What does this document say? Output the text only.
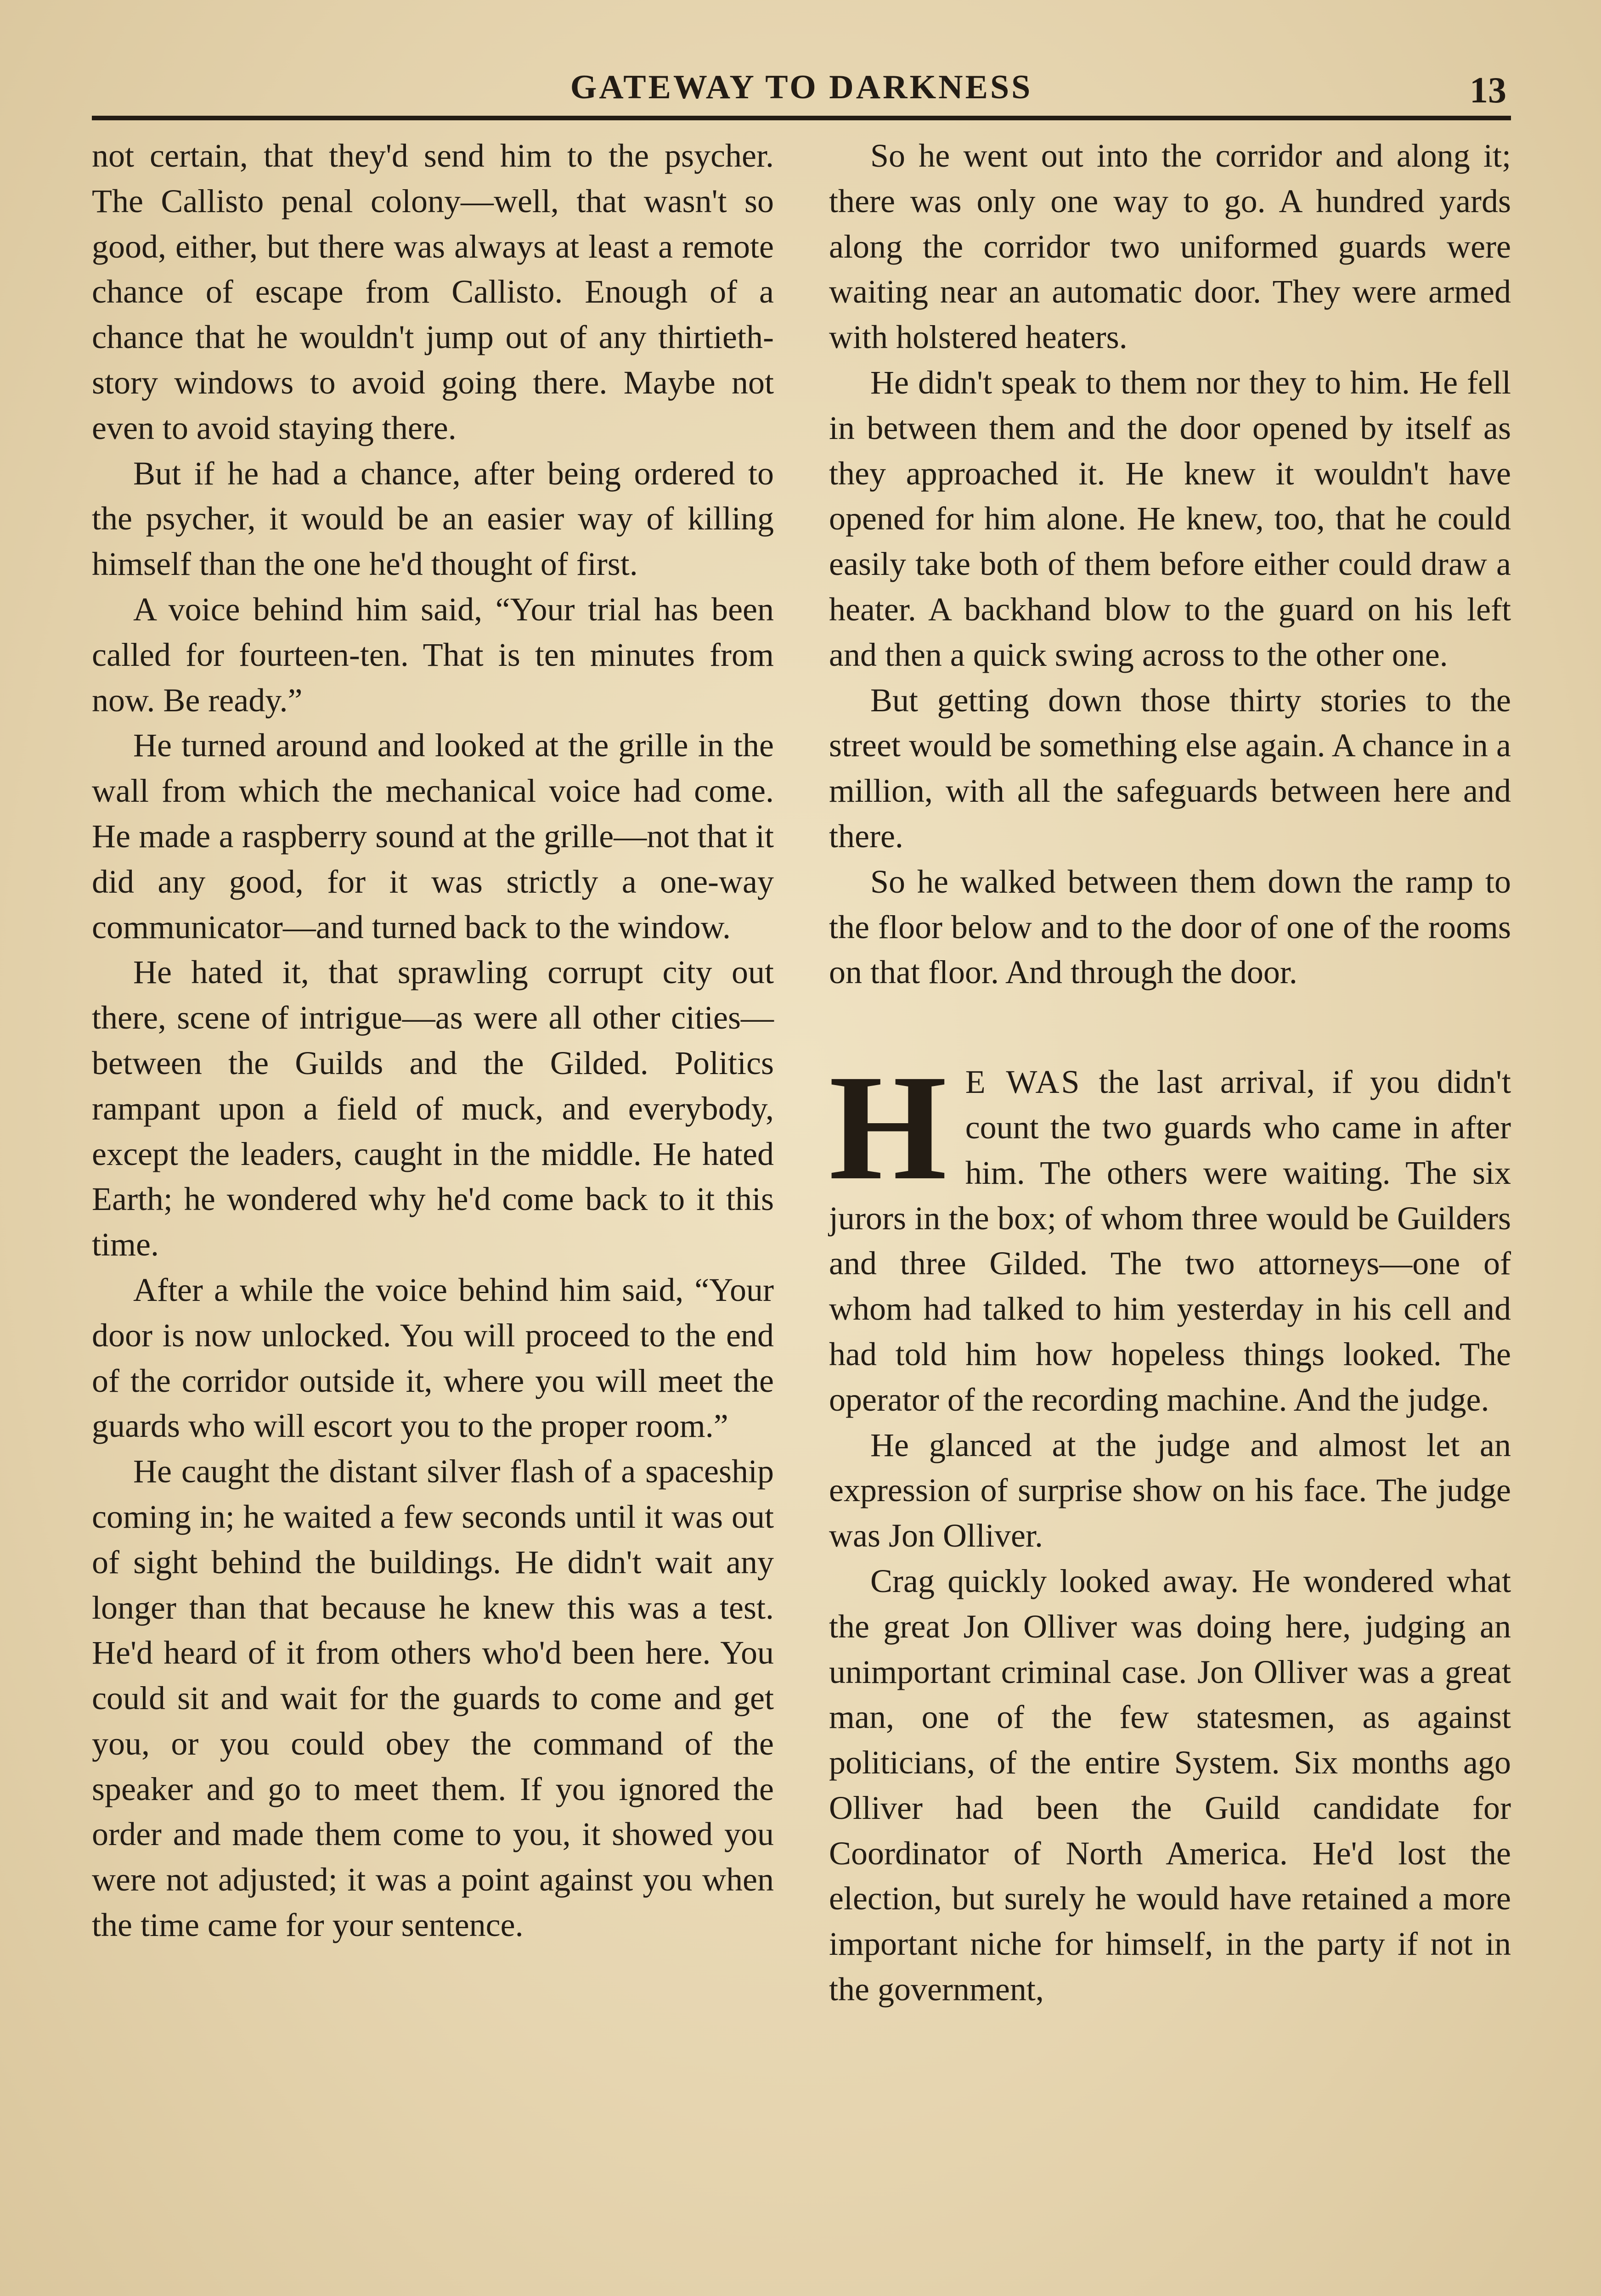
GATEWAY TO DARKNESS	13

not certain, that they'd send him to the psycher. The Callisto penal colony—well, that wasn't so good, either, but there was always at least a remote chance of escape from Callisto. Enough of a chance that he wouldn't jump out of any thirtieth-story windows to avoid going there. Maybe not even to avoid staying there.

But if he had a chance, after being ordered to the psycher, it would be an easier way of killing himself than the one he'd thought of first.

A voice behind him said, “Your trial has been called for fourteen-ten. That is ten minutes from now. Be ready.”

He turned around and looked at the grille in the wall from which the mechanical voice had come. He made a raspberry sound at the grille—not that it did any good, for it was strictly a one-way communicator—and turned back to the window.

He hated it, that sprawling corrupt city out there, scene of intrigue—as were all other cities—between the Guilds and the Gilded. Politics rampant upon a field of muck, and everybody, except the leaders, caught in the middle. He hated Earth; he wondered why he'd come back to it this time.

After a while the voice behind him said, “Your door is now unlocked. You will proceed to the end of the corridor outside it, where you will meet the guards who will escort you to the proper room.”

He caught the distant silver flash of a spaceship coming in; he waited a few seconds until it was out of sight behind the buildings. He didn't wait any longer than that because he knew this was a test. He'd heard of it from others who'd been here. You could sit and wait for the guards to come and get you, or you could obey the command of the speaker and go to meet them. If you ignored the order and made them come to you, it showed you were not adjusted; it was a point against you when the time came for your sentence.

So he went out into the corridor and along it; there was only one way to go. A hundred yards along the corridor two uniformed guards were waiting near an automatic door. They were armed with holstered heaters.

He didn't speak to them nor they to him. He fell in between them and the door opened by itself as they approached it. He knew it wouldn't have opened for him alone. He knew, too, that he could easily take both of them before either could draw a heater. A backhand blow to the guard on his left and then a quick swing across to the other one.

But getting down those thirty stories to the street would be something else again. A chance in a million, with all the safeguards between here and there.

So he walked between them down the ramp to the floor below and to the door of one of the rooms on that floor. And through the door.

H E WAS the last arrival, if you didn't count the two guards who came in after him. The others were waiting. The six jurors in the box; of whom three would be Guilders and three Gilded. The two attorneys—one of whom had talked to him yesterday in his cell and had told him how hopeless things looked. The operator of the recording machine. And the judge.

He glanced at the judge and almost let an expression of surprise show on his face. The judge was Jon Olliver.

Crag quickly looked away. He wondered what the great Jon Olliver was doing here, judging an unimportant criminal case. Jon Olliver was a great man, one of the few statesmen, as against politicians, of the entire System. Six months ago Olliver had been the Guild candidate for Coordinator of North America. He'd lost the election, but surely he would have retained a more important niche for himself, in the party if not in the government,
